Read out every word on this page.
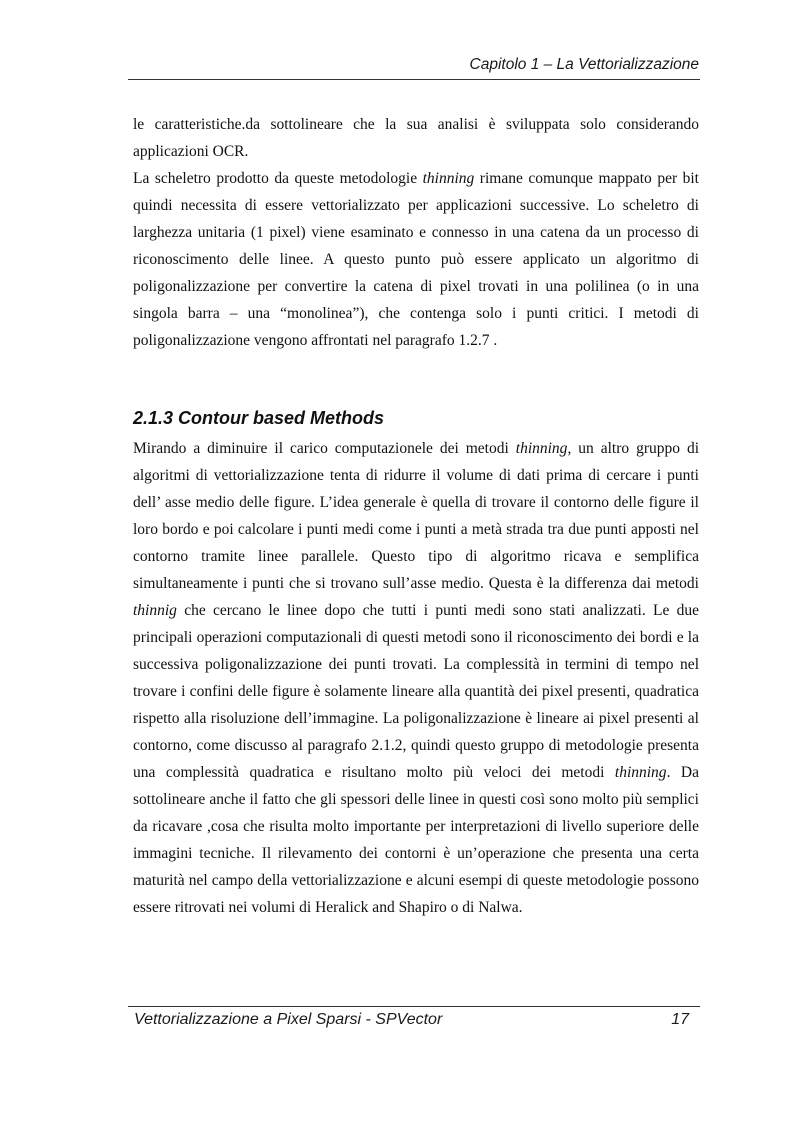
Capitolo 1 – La Vettorializzazione

le caratteristiche.da sottolineare che la sua analisi è sviluppata solo considerando applicazioni OCR.

La scheletro prodotto da queste metodologie thinning rimane comunque mappato per bit quindi necessita di essere vettorializzato per applicazioni successive. Lo scheletro di larghezza unitaria (1 pixel) viene esaminato e connesso in una catena da un processo di riconoscimento delle linee. A questo punto può essere applicato un algoritmo di poligonalizzazione per convertire la catena di pixel trovati in una polilinea (o in una singola barra – una “monolinea”), che contenga solo i punti critici. I metodi di poligonalizzazione vengono affrontati nel paragrafo 1.2.7 .

2.1.3 Contour based Methods

Mirando a diminuire il carico computazionele dei metodi thinning, un altro gruppo di algoritmi di vettorializzazione tenta di ridurre il volume di dati prima di cercare i punti dell’ asse medio delle figure. L’idea generale è quella di trovare il contorno delle figure il loro bordo e poi calcolare i punti medi come i punti a metà strada tra due punti apposti nel contorno tramite linee parallele. Questo tipo di algoritmo ricava e semplifica simultaneamente i punti che si trovano sull’asse medio. Questa è la differenza dai metodi thinnig che cercano le linee dopo che tutti i punti medi sono stati analizzati. Le due principali operazioni computazionali di questi metodi sono il riconoscimento dei bordi e la successiva poligonalizzazione dei punti trovati. La complessità in termini di tempo nel trovare i confini delle figure è solamente lineare alla quantità dei pixel presenti, quadratica rispetto alla risoluzione dell’immagine. La poligonalizzazione è lineare ai pixel presenti al contorno, come discusso al paragrafo 2.1.2, quindi questo gruppo di metodologie presenta una complessità quadratica e risultano molto più veloci dei metodi thinning. Da sottolineare anche il fatto che gli spessori delle linee in questi così sono molto più semplici da ricavare ,cosa che risulta molto importante per interpretazioni di livello superiore delle immagini tecniche. Il rilevamento dei contorni è un’operazione che presenta una certa maturità nel campo della vettorializzazione e alcuni esempi di queste metodologie possono essere ritrovati nei volumi di Heralick and Shapiro o di Nalwa.

Vettorializzazione a Pixel Sparsi - SPVector	17
